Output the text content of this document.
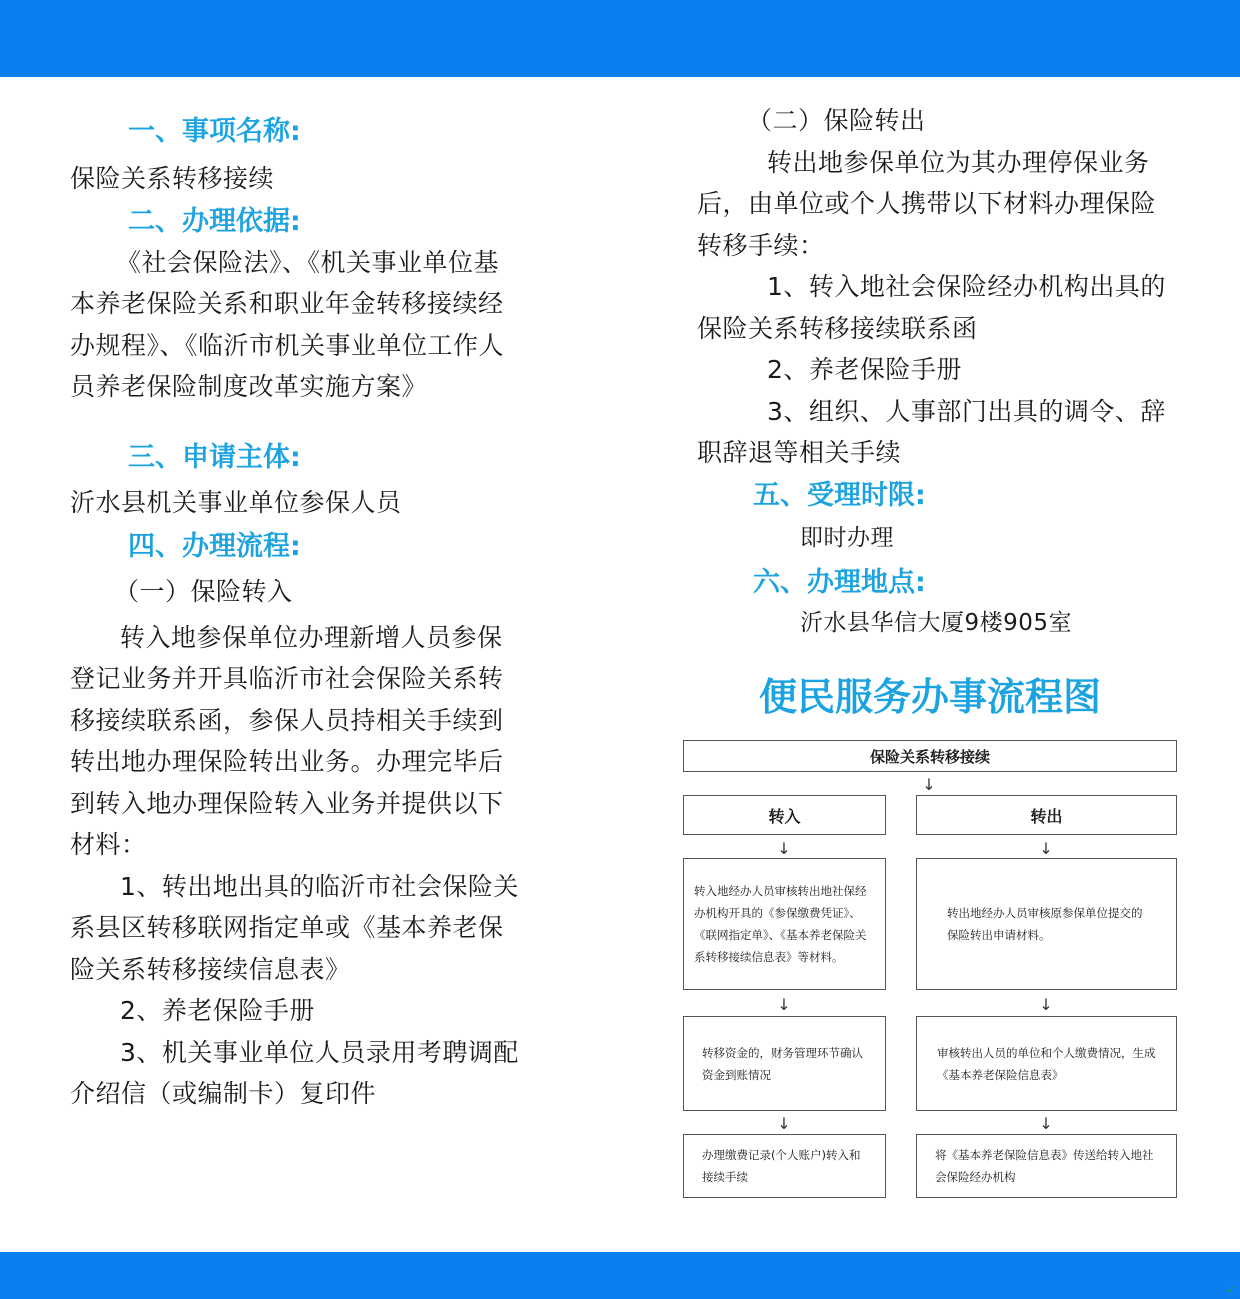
一、事项名称:

保险关系转移接续

二、办理依据:

《社会保险法》、《机关事业单位基本养老保险关系和职业年金转移接续经办规程》、《临沂市机关事业单位工作人员养老保险制度改革实施方案》

三、申请主体:

沂水县机关事业单位参保人员

四、办理流程:

（一）保险转入

转入地参保单位办理新增人员参保登记业务并开具临沂市社会保险关系转移接续联系函，参保人员持相关手续到转出地办理保险转出业务。办理完毕后到转入地办理保险转入业务并提供以下材料：

1、转出地出具的临沂市社会保险关系县区转移联网指定单或《基本养老保险关系转移接续信息表》

2、养老保险手册

3、机关事业单位人员录用考聘调配介绍信（或编制卡）复印件

（二）保险转出

转出地参保单位为其办理停保业务后，由单位或个人携带以下材料办理保险转移手续：

1、转入地社会保险经办机构出具的保险关系转移接续联系函

2、养老保险手册

3、组织、人事部门出具的调令、辞职辞退等相关手续

五、受理时限:

即时办理

六、办理地点:

沂水县华信大厦9楼905室

便民服务办事流程图
保险关系转移接续
↓
转入	转出
↓	↓
转入地经办人员审核转出地社保经办机构开具的《参保缴费凭证》、《联网指定单》、《基本养老保险关系转移接续信息表》等材料。
转出地经办人员审核原参保单位提交的保险转出申请材料。
↓	↓
转移资金的，财务管理环节确认资金到账情况
审核转出人员的单位和个人缴费情况，生成《基本养老保险信息表》
↓	↓
办理缴费记录(个人账户)转入和接续手续
将《基本养老保险信息表》传送给转入地社会保险经办机构
✓
